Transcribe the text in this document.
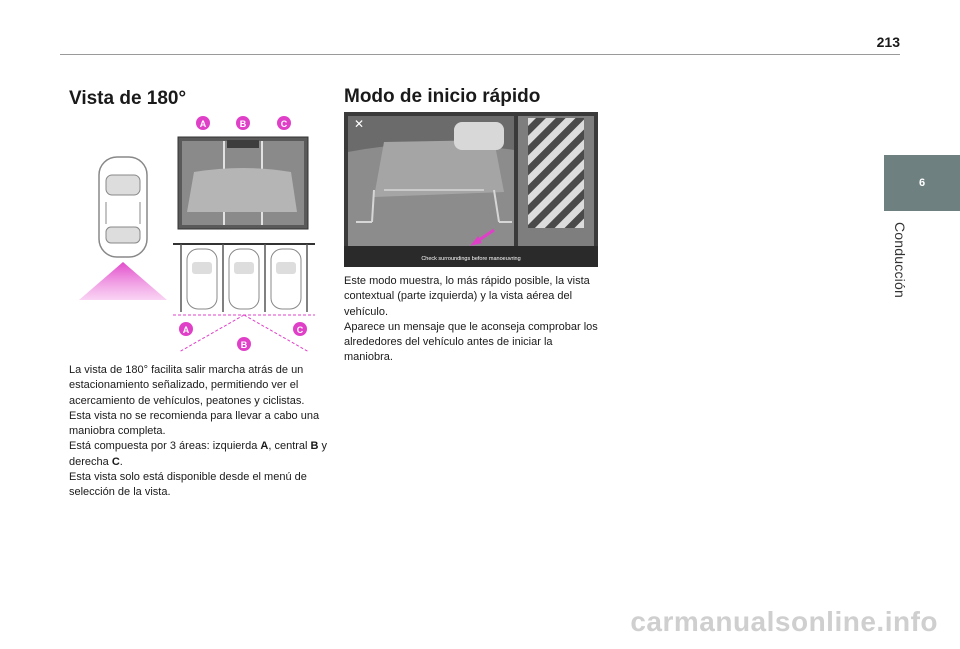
213
6
Conducción
Vista de 180°
A	B	C
A
B
C
La vista de 180° facilita salir marcha atrás de un estacionamiento señalizado, permitiendo ver el acercamiento de vehículos, peatones y ciclistas. Esta vista no se recomienda para llevar a cabo una maniobra completa.
Está compuesta por 3 áreas: izquierda A, central B y derecha C.
Esta vista solo está disponible desde el menú de selección de la vista.
Modo de inicio rápido
✕
Check surroundings before manoeuvring
Este modo muestra, lo más rápido posible, la vista contextual (parte izquierda) y la vista aérea del vehículo.
Aparece un mensaje que le aconseja comprobar los alrededores del vehículo antes de iniciar la maniobra.
carmanualsonline.info
